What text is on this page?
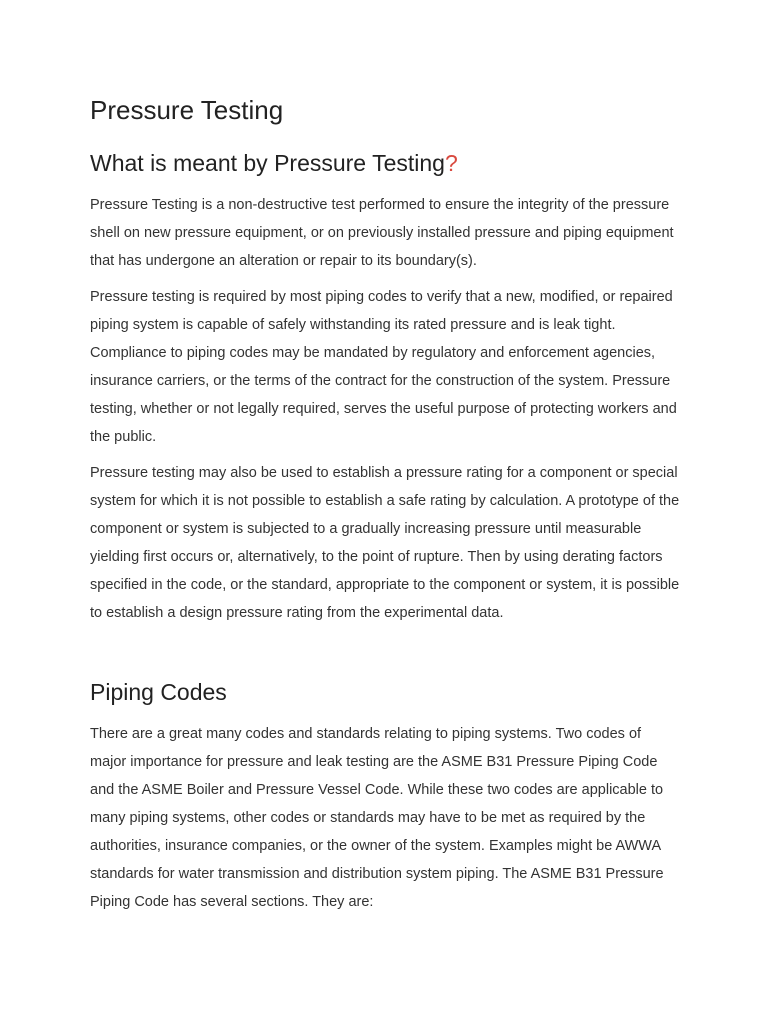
Pressure Testing
What is meant by Pressure Testing?

Pressure Testing is a non-destructive test performed to ensure the integrity of the pressure shell on new pressure equipment, or on previously installed pressure and piping equipment that has undergone an alteration or repair to its boundary(s).

Pressure testing is required by most piping codes to verify that a new, modified, or repaired piping system is capable of safely withstanding its rated pressure and is leak tight. Compliance to piping codes may be mandated by regulatory and enforcement agencies, insurance carriers, or the terms of the contract for the construction of the system. Pressure testing, whether or not legally required, serves the useful purpose of protecting workers and the public.

Pressure testing may also be used to establish a pressure rating for a component or special system for which it is not possible to establish a safe rating by calculation. A prototype of the component or system is subjected to a gradually increasing pressure until measurable yielding first occurs or, alternatively, to the point of rupture. Then by using derating factors specified in the code, or the standard, appropriate to the component or system, it is possible to establish a design pressure rating from the experimental data.

Piping Codes

There are a great many codes and standards relating to piping systems. Two codes of major importance for pressure and leak testing are the ASME B31 Pressure Piping Code and the ASME Boiler and Pressure Vessel Code. While these two codes are applicable to many piping systems, other codes or standards may have to be met as required by the authorities, insurance companies, or the owner of the system. Examples might be AWWA standards for water transmission and distribution system piping. The ASME B31 Pressure Piping Code has several sections. They are:
